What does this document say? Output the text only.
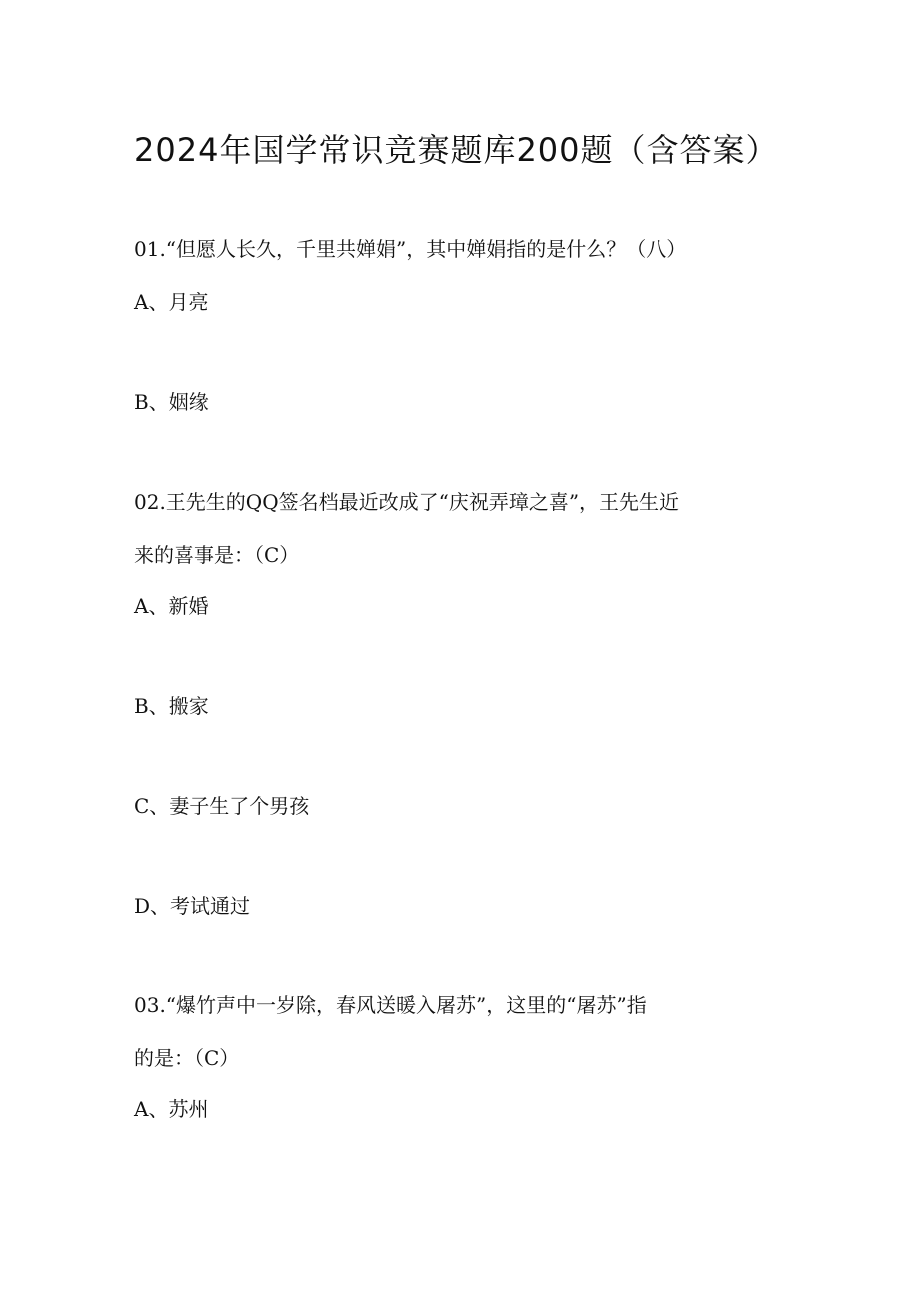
2024年国学常识竞赛题库200题（含答案）
01.“但愿人长久，千里共婵娟”，其中婵娟指的是什么？（八）
A、月亮
B、姻缘
02.王先生的QQ签名档最近改成了“庆祝弄璋之喜”，王先生近
来的喜事是：（C）
A、新婚
B、搬家
C、妻子生了个男孩
D、考试通过
03.“爆竹声中一岁除，春风送暖入屠苏”，这里的“屠苏”指
的是：（C）
A、苏州
